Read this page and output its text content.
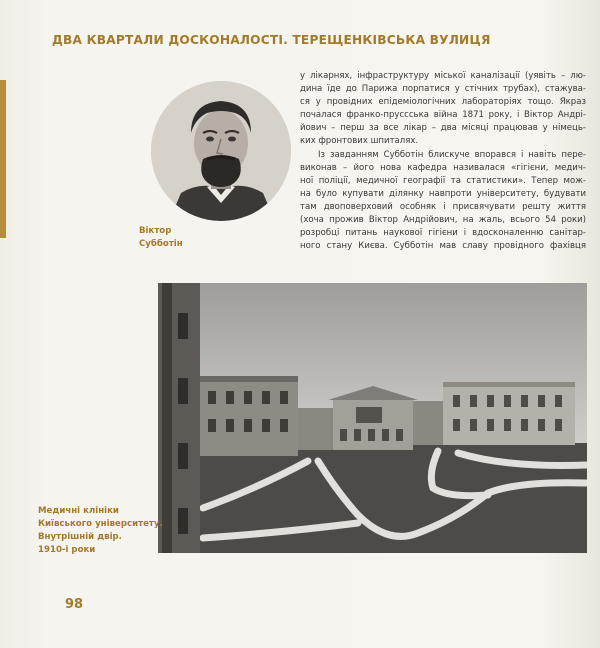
ДВА КВАРТАЛИ ДОСКОНАЛОСТІ. ТЕРЕЩЕНКІВСЬКА ВУЛИЦЯ
Віктор
Субботін
у лікарнях, інфраструктуру міської каналізації (уявіть – лю-
дина їде до Парижа порпатися у стічних трубах), стажува-
ся у провідних епідеміологічних лабораторіях тощо. Якраз
почалася франко-пруссська війна 1871 року, і Віктор Андрі-
йович – перш за все лікар – два місяці працював у німець-
ких фронтових шпиталях.
Із завданням Субботін блискуче впорався і навіть пере-
виконав – його нова кафедра називалася «гігієни, медич-
ної поліції, медичної географії та статистики». Тепер мож-
на було купувати ділянку навпроти університету, будувати
там двоповерховий особняк і присвячувати решту життя
(хоча прожив Віктор Андрійович, на жаль, всього 54 роки)
розробці питань наукової гігієни і вдосконаленню санітар-
ного стану Києва. Субботін мав славу провідного фахівця
Медичні клініки
Київського університету.
Внутрішній двір.
1910-і роки
98
